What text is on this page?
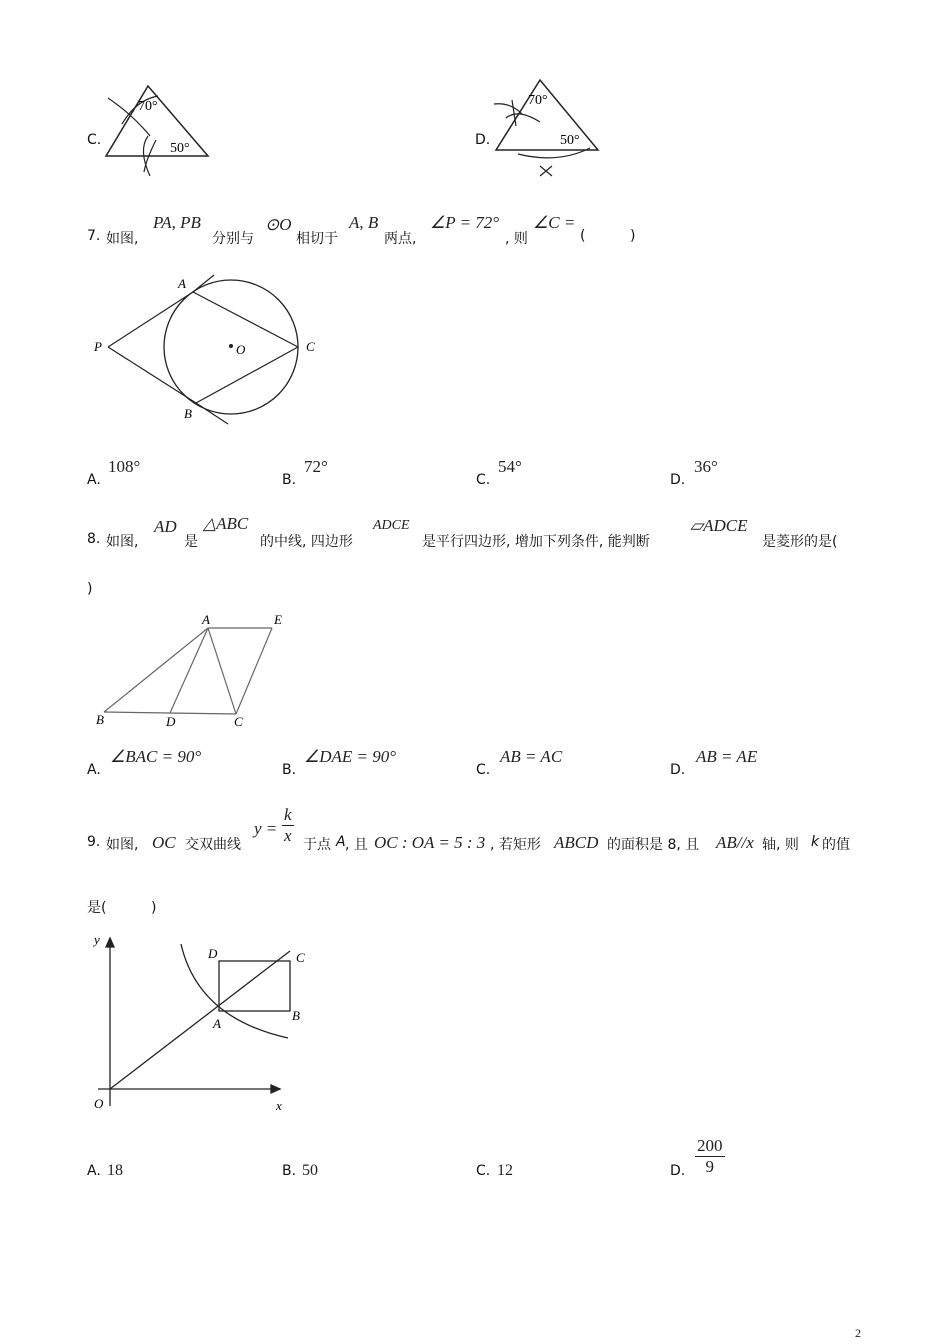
C.
70°
50°
D.
70°
50°
7. 如图,
PA, PB
分别与
⊙O
相切于
A, B
两点,
∠P = 72°
, 则
∠C =
(          )
A
P	O	C
B
A.
108°
B.
72°
C.
54°
D.
36°
8. 如图,
AD
是
△ABC
的中线, 四边形
ADCE
是平行四边形, 增加下列条件, 能判断
▱ADCE
是菱形的是(
)
A	E
B	D	C
A.
∠BAC = 90°
B.
∠DAE = 90°
C.
AB = AC
D.
AB = AE
9. 如图, OC 交双曲线
$y = \frac{k}{x}$ 于点 A , 且 OC : OA = 5 : 3 , 若矩形 ABCD 的面积是 8, 且 AB//x 轴, 则 k 的值
是(          )
y
x
O
D	C
B
A
A. 18	B. 50	C. 12	D. $\frac{200}{9}$
2
